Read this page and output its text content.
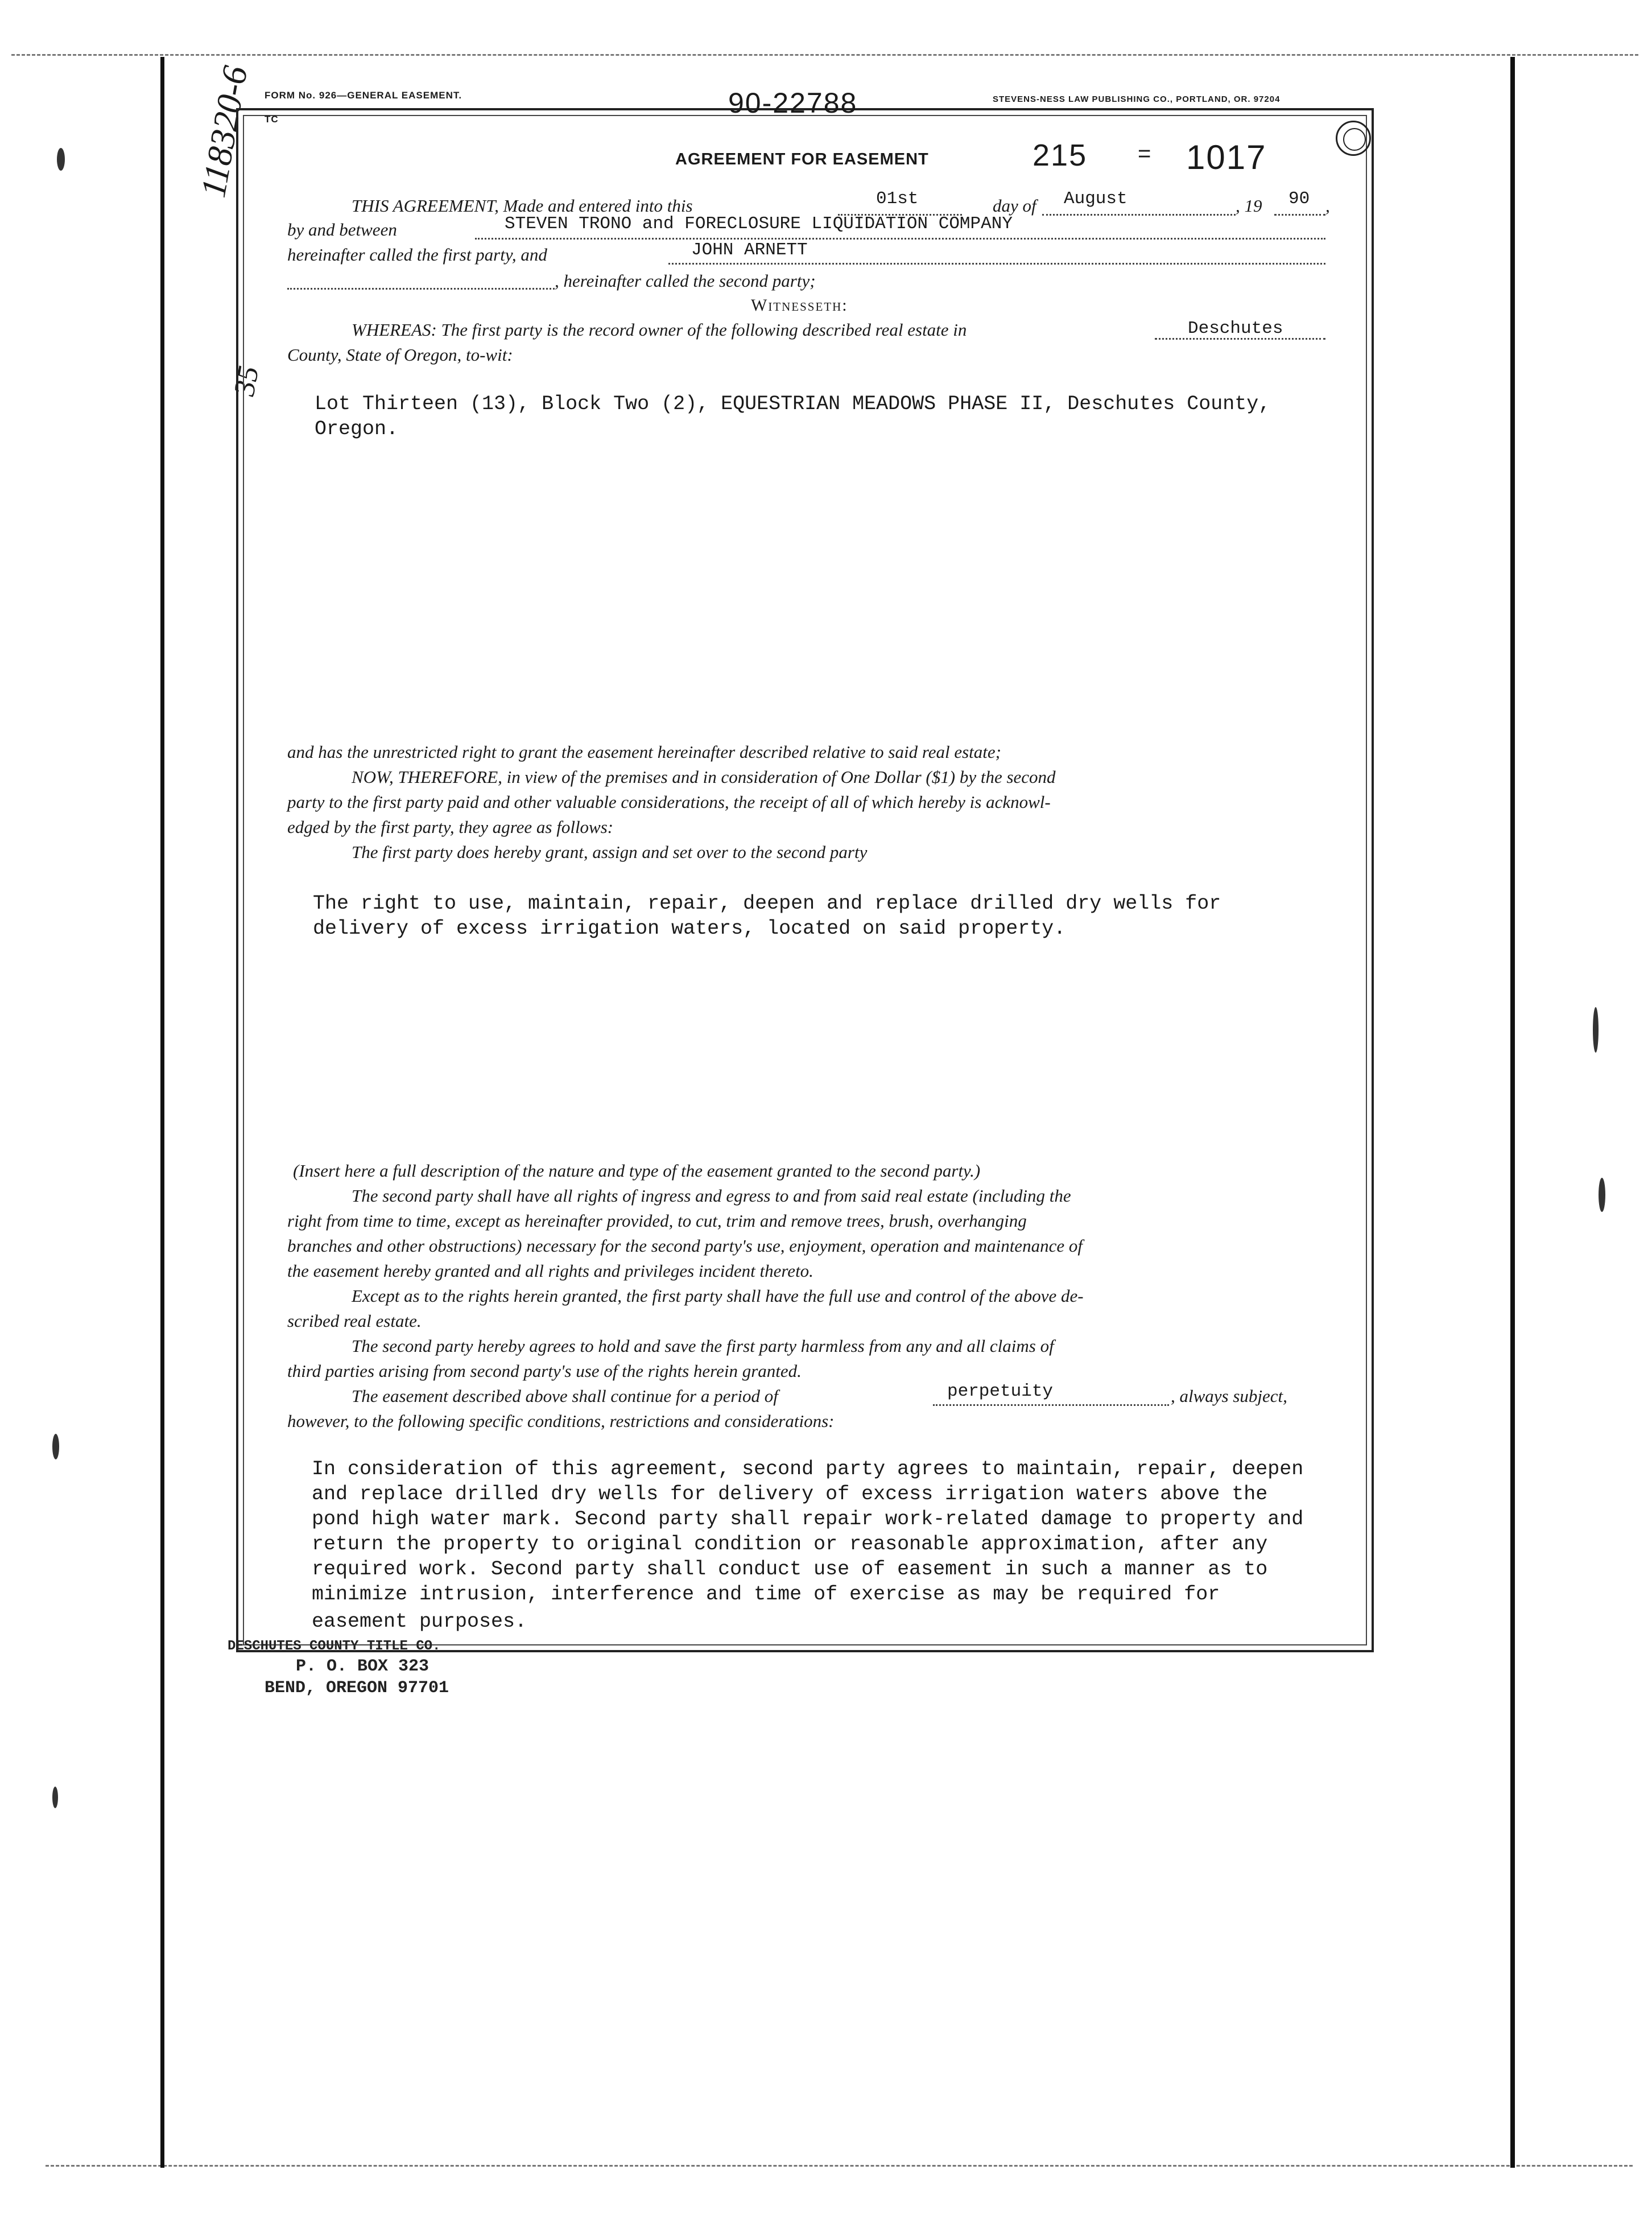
118320-6
35
FORM No. 926—GENERAL EASEMENT.
TC
STEVENS-NESS LAW PUBLISHING CO., PORTLAND, OR. 97204
90-22788
AGREEMENT FOR EASEMENT	215 = 1017
THIS AGREEMENT, Made and entered into this	01st	day of August	, 19 90 ,
by and between	STEVEN TRONO and FORECLOSURE LIQUIDATION COMPANY
hereinafter called the first party, and	JOHN ARNETT
, hereinafter called the second party;
Witnesseth:
WHEREAS: The first party is the record owner of the following described real estate in	Deschutes
County, State of Oregon, to-wit:
Lot Thirteen (13), Block Two (2), EQUESTRIAN MEADOWS PHASE II, Deschutes County,
Oregon.
and has the unrestricted right to grant the easement hereinafter described relative to said real estate;
NOW, THEREFORE, in view of the premises and in consideration of One Dollar ($1) by the second
party to the first party paid and other valuable considerations, the receipt of all of which hereby is acknowl-
edged by the first party, they agree as follows:
The first party does hereby grant, assign and set over to the second party
The right to use, maintain, repair, deepen and replace drilled dry wells for
delivery of excess irrigation waters, located on said property.
(Insert here a full description of the nature and type of the easement granted to the second party.)
The second party shall have all rights of ingress and egress to and from said real estate (including the
right from time to time, except as hereinafter provided, to cut, trim and remove trees, brush, overhanging
branches and other obstructions) necessary for the second party's use, enjoyment, operation and maintenance of
the easement hereby granted and all rights and privileges incident thereto.
Except as to the rights herein granted, the first party shall have the full use and control of the above de-
scribed real estate.
The second party hereby agrees to hold and save the first party harmless from any and all claims of
third parties arising from second party's use of the rights herein granted.
The easement described above shall continue for a period of	perpetuity	, always subject,
however, to the following specific conditions, restrictions and considerations:
In consideration of this agreement, second party agrees to maintain, repair, deepen
and replace drilled dry wells for delivery of excess irrigation waters above the
pond high water mark. Second party shall repair work-related damage to property and
return the property to original condition or reasonable approximation, after any
required work. Second party shall conduct use of easement in such a manner as to
minimize intrusion, interference and time of exercise as may be required for
easement purposes.
DESCHUTES COUNTY TITLE CO.
P. O. BOX 323
BEND, OREGON 97701
